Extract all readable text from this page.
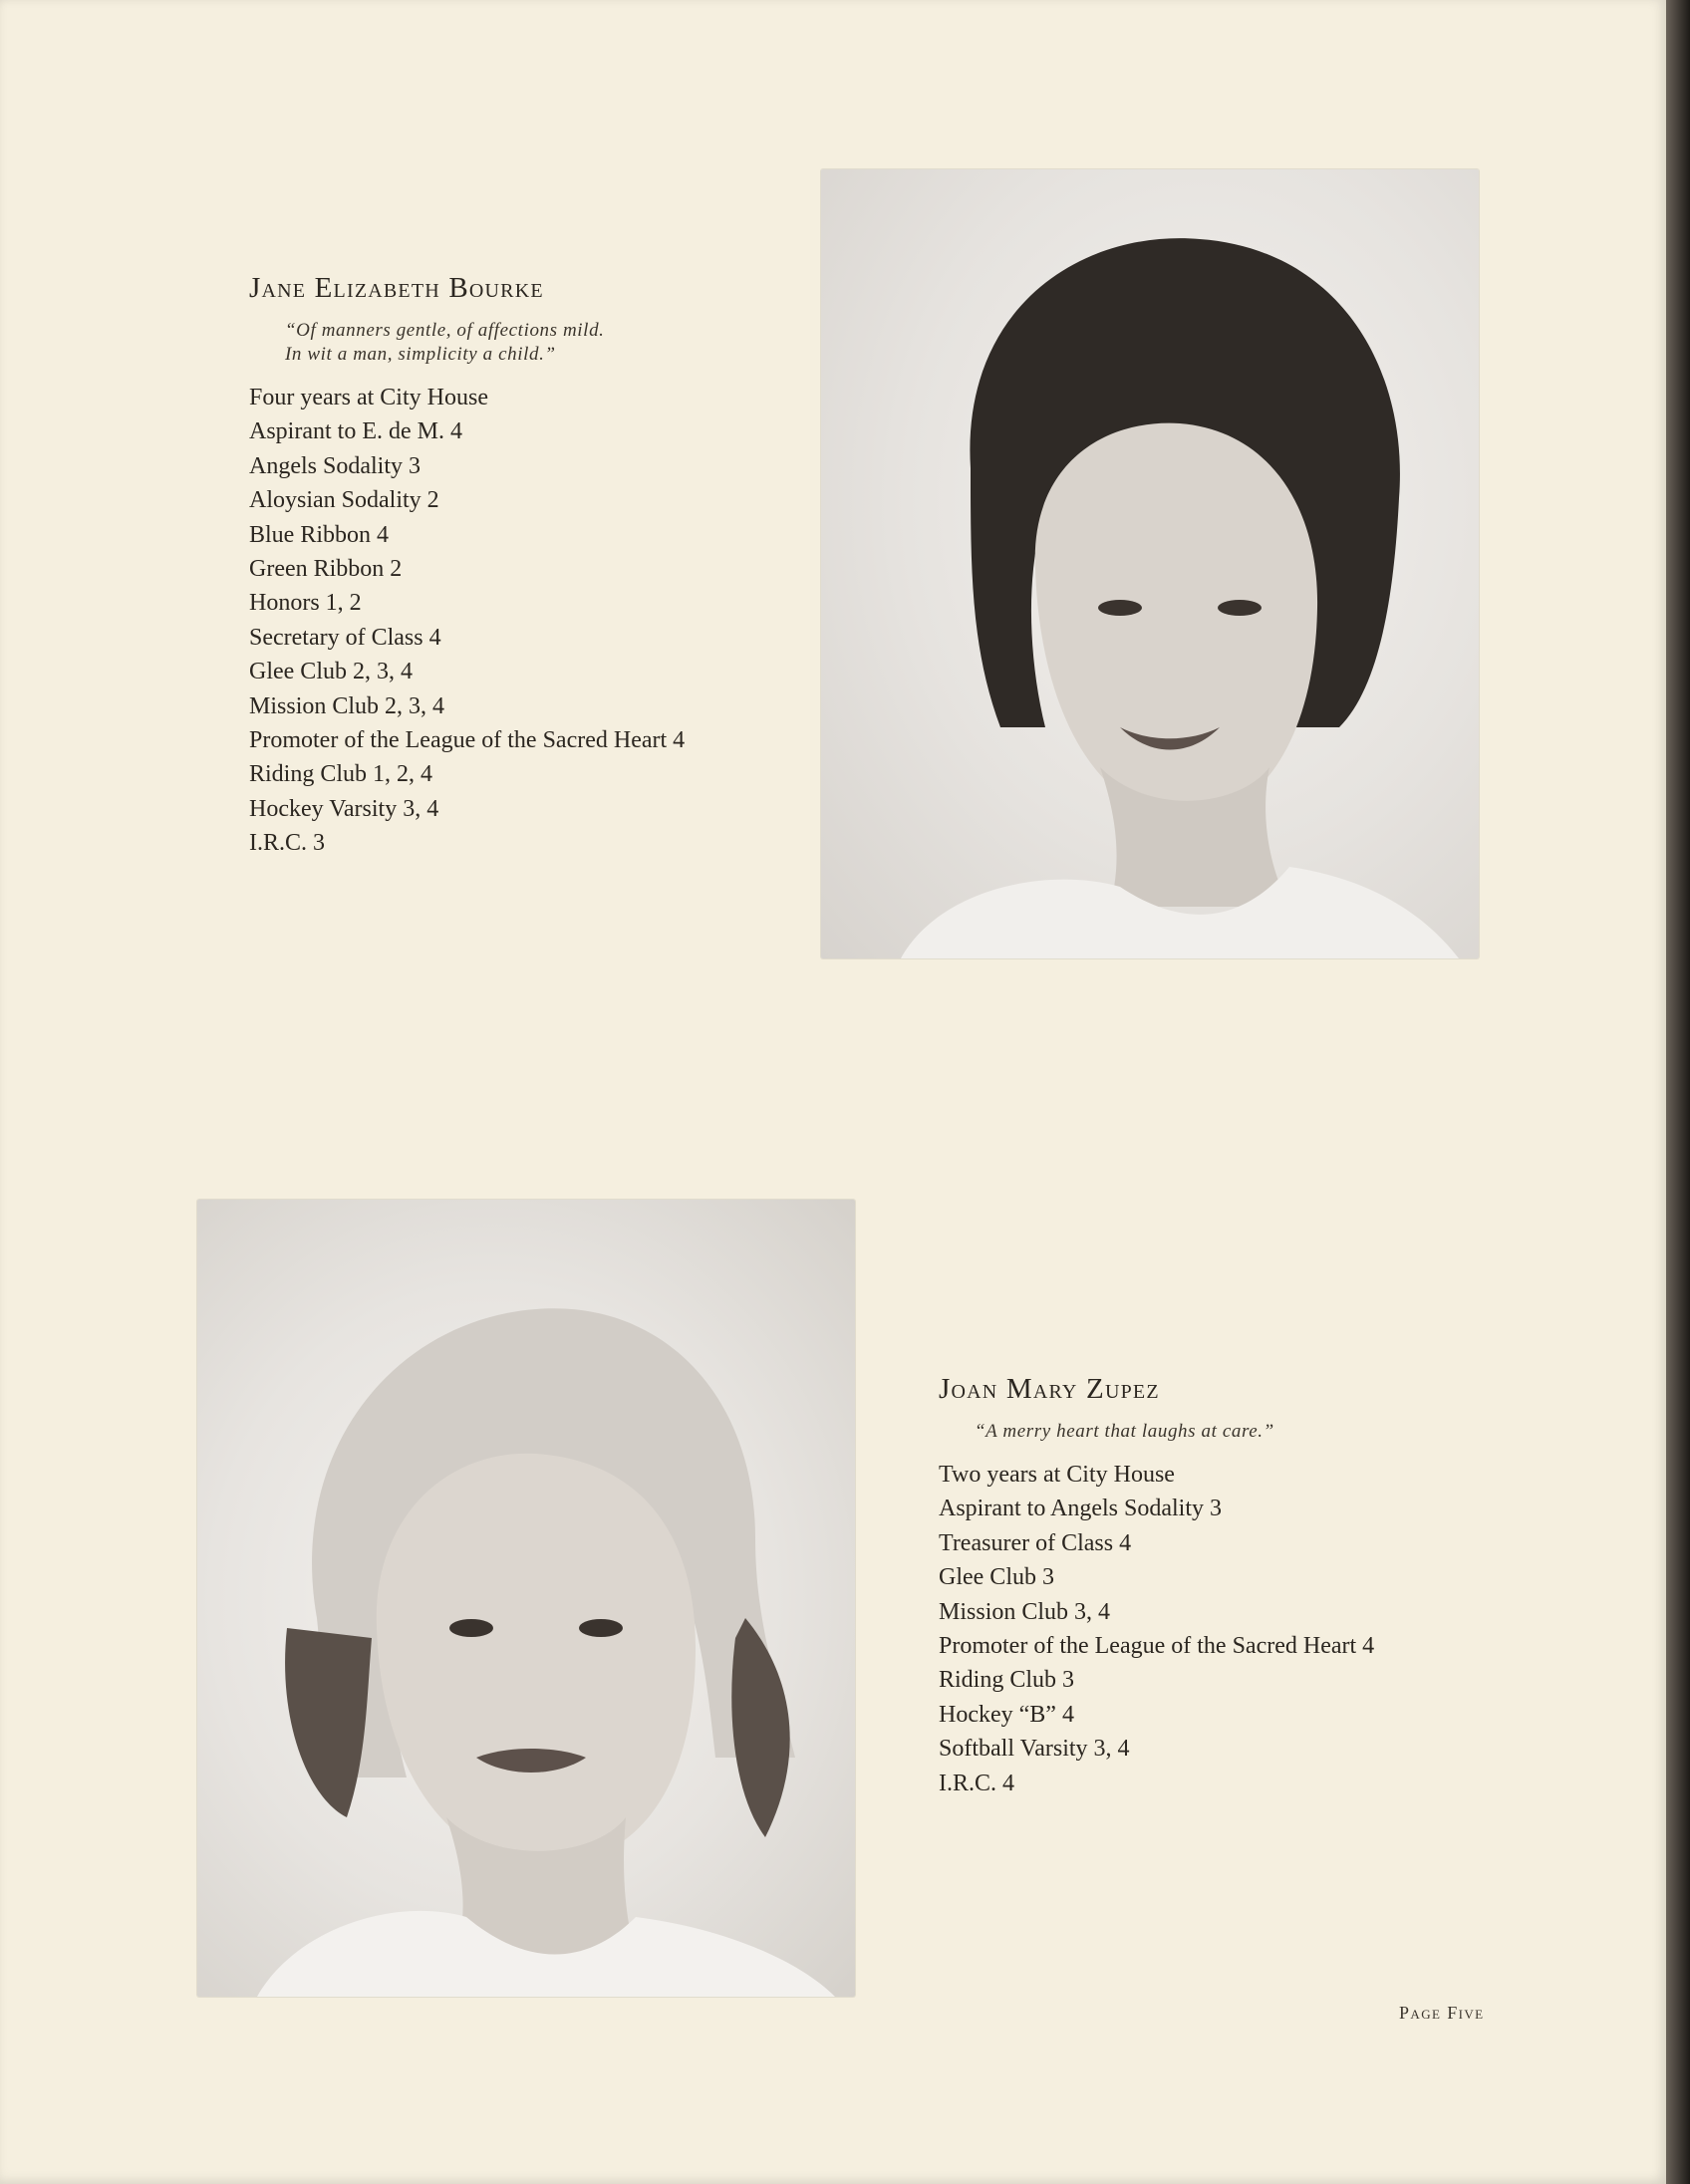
Jane Elizabeth Bourke
“Of manners gentle, of affections mild.
In wit a man, simplicity a child.”
Four years at City House
Aspirant to E. de M. 4
Angels Sodality 3
Aloysian Sodality 2
Blue Ribbon 4
Green Ribbon 2
Honors 1, 2
Secretary of Class 4
Glee Club 2, 3, 4
Mission Club 2, 3, 4
Promoter of the League of the Sacred Heart 4
Riding Club 1, 2, 4
Hockey Varsity 3, 4
I.R.C. 3
Joan Mary Zupez
“A merry heart that laughs at care.”
Two years at City House
Aspirant to Angels Sodality 3
Treasurer of Class 4
Glee Club 3
Mission Club 3, 4
Promoter of the League of the Sacred Heart 4
Riding Club 3
Hockey “B” 4
Softball Varsity 3, 4
I.R.C. 4
Page Five
